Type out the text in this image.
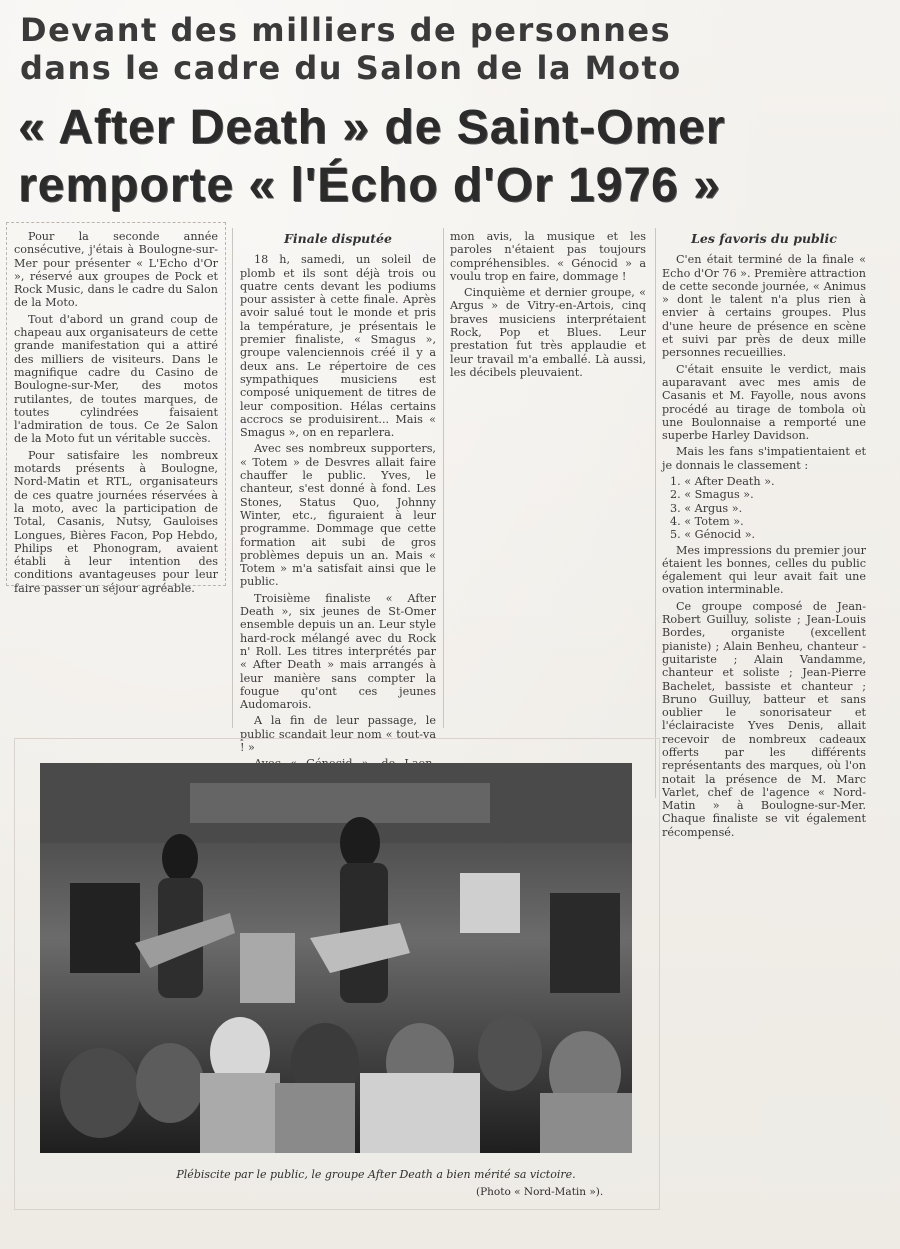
Devant des milliers de personnes
dans le cadre du Salon de la Moto
« After Death » de Saint-Omer
remporte « l'Écho d'Or 1976 »

Pour la seconde année consécutive, j'étais à Boulogne-sur-Mer pour présenter « L'Echo d'Or », réservé aux groupes de Pock et Rock Music, dans le cadre du Salon de la Moto.

Tout d'abord un grand coup de chapeau aux organisateurs de cette grande manifestation qui a attiré des milliers de visiteurs. Dans le magnifique cadre du Casino de Boulogne-sur-Mer, des motos rutilantes, de toutes marques, de toutes cylindrées faisaient l'admiration de tous. Ce 2e Salon de la Moto fut un véritable succès.

Pour satisfaire les nombreux motards présents à Boulogne, Nord-Matin et RTL, organisateurs de ces quatre journées réservées à la moto, avec la participation de Total, Casanis, Nutsy, Gauloises Longues, Bières Facon, Pop Hebdo, Philips et Phonogram, avaient établi à leur intention des conditions avantageuses pour leur faire passer un séjour agréable.

Finale disputée

18 h, samedi, un soleil de plomb et ils sont déjà trois ou quatre cents devant les podiums pour assister à cette finale. Après avoir salué tout le monde et pris la température, je présentais le premier finaliste, « Smagus », groupe valenciennois créé il y a deux ans. Le répertoire de ces sympathiques musiciens est composé uniquement de titres de leur composition. Hélas certains accrocs se produisirent... Mais « Smagus », on en reparlera.

Avec ses nombreux supporters, « Totem » de Desvres allait faire chauffer le public. Yves, le chanteur, s'est donné à fond. Les Stones, Status Quo, Johnny Winter, etc., figuraient à leur programme. Dommage que cette formation ait subi de gros problèmes depuis un an. Mais « Totem » m'a satisfait ainsi que le public.

Troisième finaliste « After Death », six jeunes de St-Omer ensemble depuis un an. Leur style hard-rock mélangé avec du Rock n' Roll. Les titres interprétés par « After Death » mais arrangés à leur manière sans compter la fougue qu'ont ces jeunes Audomarois.

A la fin de leur passage, le public scandait leur nom « tout-va ! »

mon avis, la musique et les paroles n'étaient pas toujours compréhensibles. « Génocid » a voulu trop en faire, dommage !

Cinquième et dernier groupe, « Argus » de Vitry-en-Artois, cinq braves musiciens interprétaient Rock, Pop et Blues. Leur prestation fut très applaudie et leur travail m'a emballé. Là aussi, les décibels pleuvaient.

Les favoris du public

C'en était terminé de la finale « Echo d'Or 76 ». Première attraction de cette seconde journée, « Animus » dont le talent n'a plus rien à envier à certains groupes. Plus d'une heure de présence en scène et suivi par près de deux mille personnes recueillies.

C'était ensuite le verdict, mais auparavant avec mes amis de Casanis et M. Fayolle, nous avons procédé au tirage de tombola où une Boulonnaise a remporté une superbe Harley Davidson.

Mais les fans s'impatientaient et je donnais le classement :

1. « After Death ».
2. « Smagus ».
3. « Argus ».
4. « Totem ».
5. « Génocid ».

Mes impressions du premier jour étaient les bonnes, celles du public également qui leur avait fait une ovation interminable.

Ce groupe composé de Jean-Robert Guilluy, soliste ; Jean-Louis Bordes, organiste (excellent pianiste) ; Alain Benheu, chanteur - guitariste ; Alain Vandamme, chanteur et soliste ; Jean-Pierre Bachelet, bassiste et chanteur ; Bruno Guilluy, batteur et sans oublier le sonorisateur et l'éclairaciste Yves Denis, allait recevoir de nombreux cadeaux offerts par les différents représentants des marques, où l'on notait la présence de M. Marc Varlet, chef de l'agence « Nord-Matin » à Boulogne-sur-Mer. Chaque finaliste se vit également récompensé.

Plébiscite par le public, le groupe After Death a bien mérité sa victoire.
(Photo « Nord-Matin »).
